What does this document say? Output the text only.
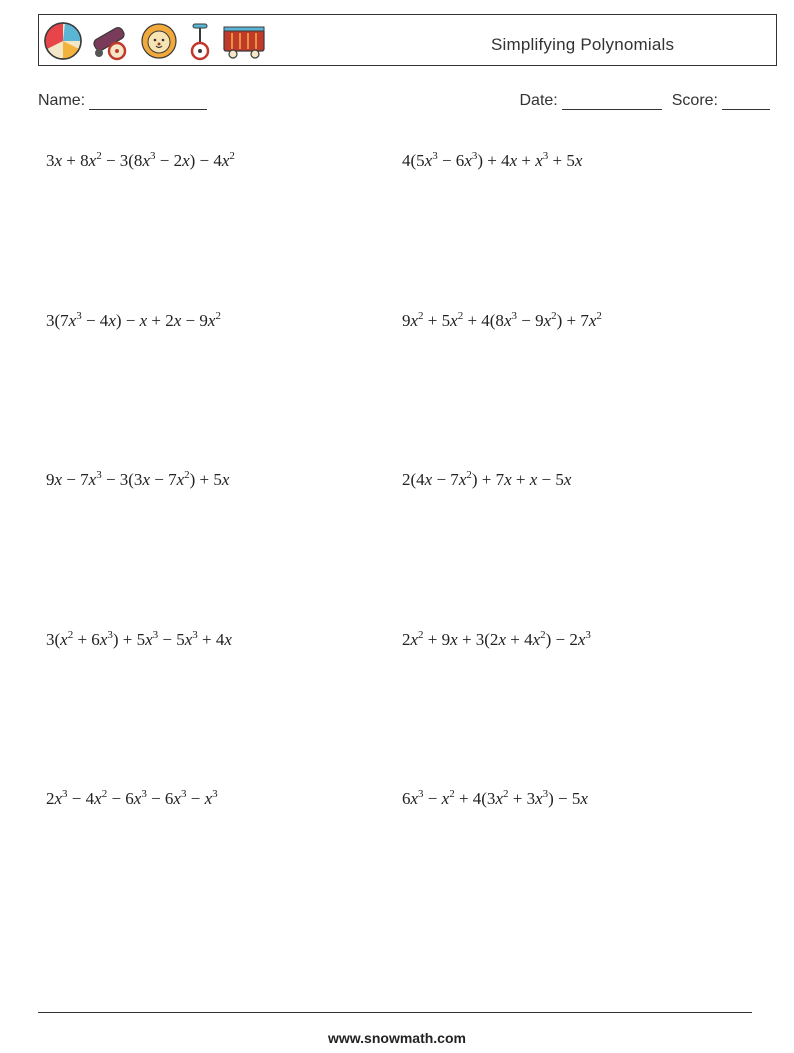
Simplifying Polynomials
Name:	Date:	Score:
$3x + 8x^2 - 3(8x^3 - 2x) - 4x^2$	$4(5x^3 - 6x^3) + 4x + x^3 + 5x$
$3(7x^3 - 4x) - x + 2x - 9x^2$	$9x^2 + 5x^2 + 4(8x^3 - 9x^2) + 7x^2$
$9x - 7x^3 - 3(3x - 7x^2) + 5x$	$2(4x - 7x^2) + 7x + x - 5x$
$3(x^2 + 6x^3) + 5x^3 - 5x^3 + 4x$	$2x^2 + 9x + 3(2x + 4x^2) - 2x^3$
$2x^3 - 4x^2 - 6x^3 - 6x^3 - x^3$	$6x^3 - x^2 + 4(3x^2 + 3x^3) - 5x$
www.snowmath.com
